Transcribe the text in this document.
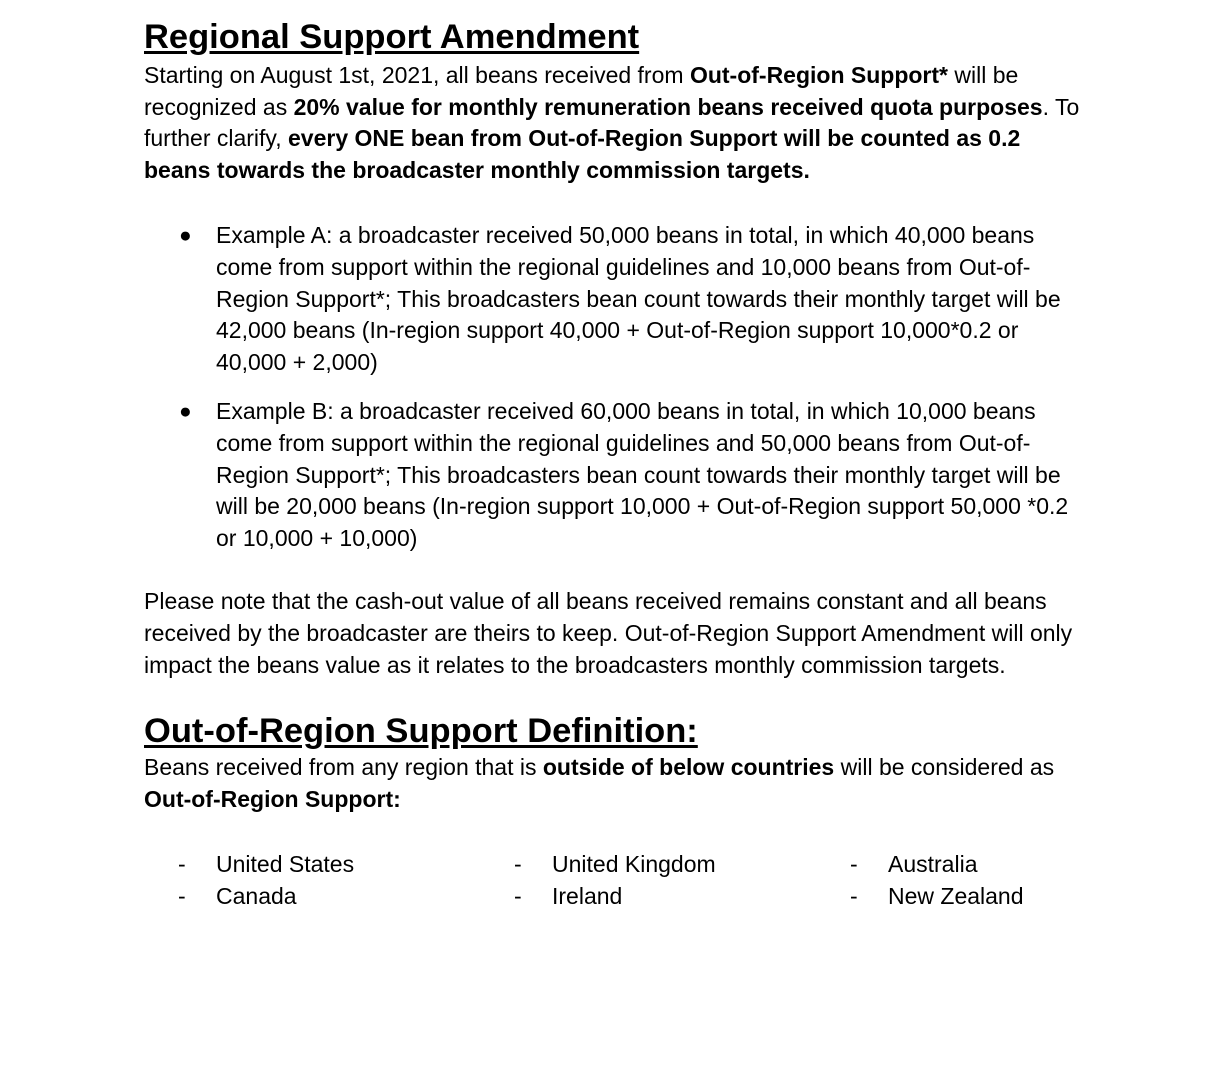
Regional Support Amendment

Starting on August 1st, 2021, all beans received from Out-of-Region Support* will be recognized as 20% value for monthly remuneration beans received quota purposes. To further clarify, every ONE bean from Out-of-Region Support will be counted as 0.2 beans towards the broadcaster monthly commission targets.

● Example A: a broadcaster received 50,000 beans in total, in which 40,000 beans come from support within the regional guidelines and 10,000 beans from Out-of-Region Support*; This broadcasters bean count towards their monthly target will be 42,000 beans (In-region support 40,000 + Out-of-Region support 10,000*0.2 or 40,000 + 2,000)
● Example B: a broadcaster received 60,000 beans in total, in which 10,000 beans come from support within the regional guidelines and 50,000 beans from Out-of-Region Support*; This broadcasters bean count towards their monthly target will be will be 20,000 beans (In-region support 10,000 + Out-of-Region support 50,000 *0.2 or 10,000 + 10,000)

Please note that the cash-out value of all beans received remains constant and all beans received by the broadcaster are theirs to keep. Out-of-Region Support Amendment will only impact the beans value as it relates to the broadcasters monthly commission targets.

Out-of-Region Support Definition:

Beans received from any region that is outside of below countries will be considered as Out-of-Region Support:

- United States
- Canada
- United Kingdom
- Ireland
- Australia
- New Zealand
